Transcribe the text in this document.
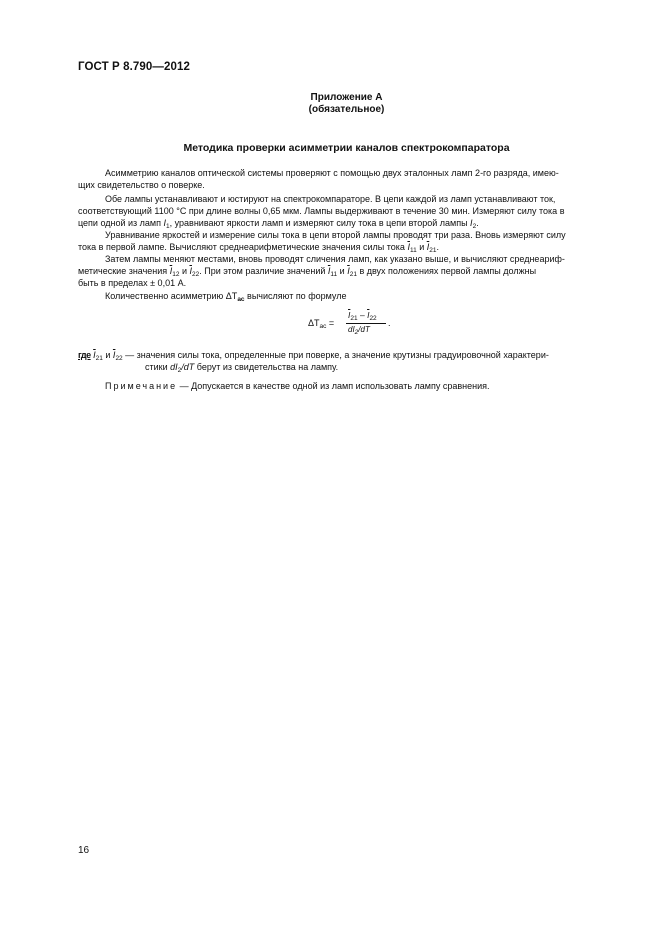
ГОСТ Р 8.790—2012
Приложение А
(обязательное)
Методика проверки асимметрии каналов спектрокомпаратора
Асимметрию каналов оптической системы проверяют с помощью двух эталонных ламп 2-го разряда, имею-
щих свидетельство о поверке.
Обе лампы устанавливают и юстируют на спектрокомпараторе. В цепи каждой из ламп устанавливают ток,
соответствующий 1100 °С при длине волны 0,65 мкм. Лампы выдерживают в течение 30 мин. Измеряют силу тока в
цепи одной из ламп $I_1$, уравнивают яркости ламп и измеряют силу тока в цепи второй лампы $I_2$.
Уравнивание яркостей и измерение силы тока в цепи второй лампы проводят три раза. Вновь измеряют силу
тока в первой лампе. Вычисляют среднеарифметические значения силы тока $\overline{I}_{11}$ и $\overline{I}_{21}$.
Затем лампы меняют местами, вновь проводят сличения ламп, как указано выше, и вычисляют среднеариф-
метические значения $\overline{I}_{12}$ и $\overline{I}_{22}$. При этом различие значений $\overline{I}_{11}$ и $\overline{I}_{21}$ в двух положениях первой лампы должны
быть в пределах ± 0,01 А.
Количественно асимметрию $\Delta T_{ac}$ вычисляют по формуле
$\Delta T_{ac}$ =
$\overline{I}_{21} - \overline{I}_{22}$
$dI_2/dT$
.
где $\overline{I}_{21}$ и $\overline{I}_{22}$ — значения силы тока, определенные при поверке, а значение крутизны градуировочной характери-
стики $dI_2/dT$ берут из свидетельства на лампу.
Примечание — Допускается в качестве одной из ламп использовать лампу сравнения.
16
